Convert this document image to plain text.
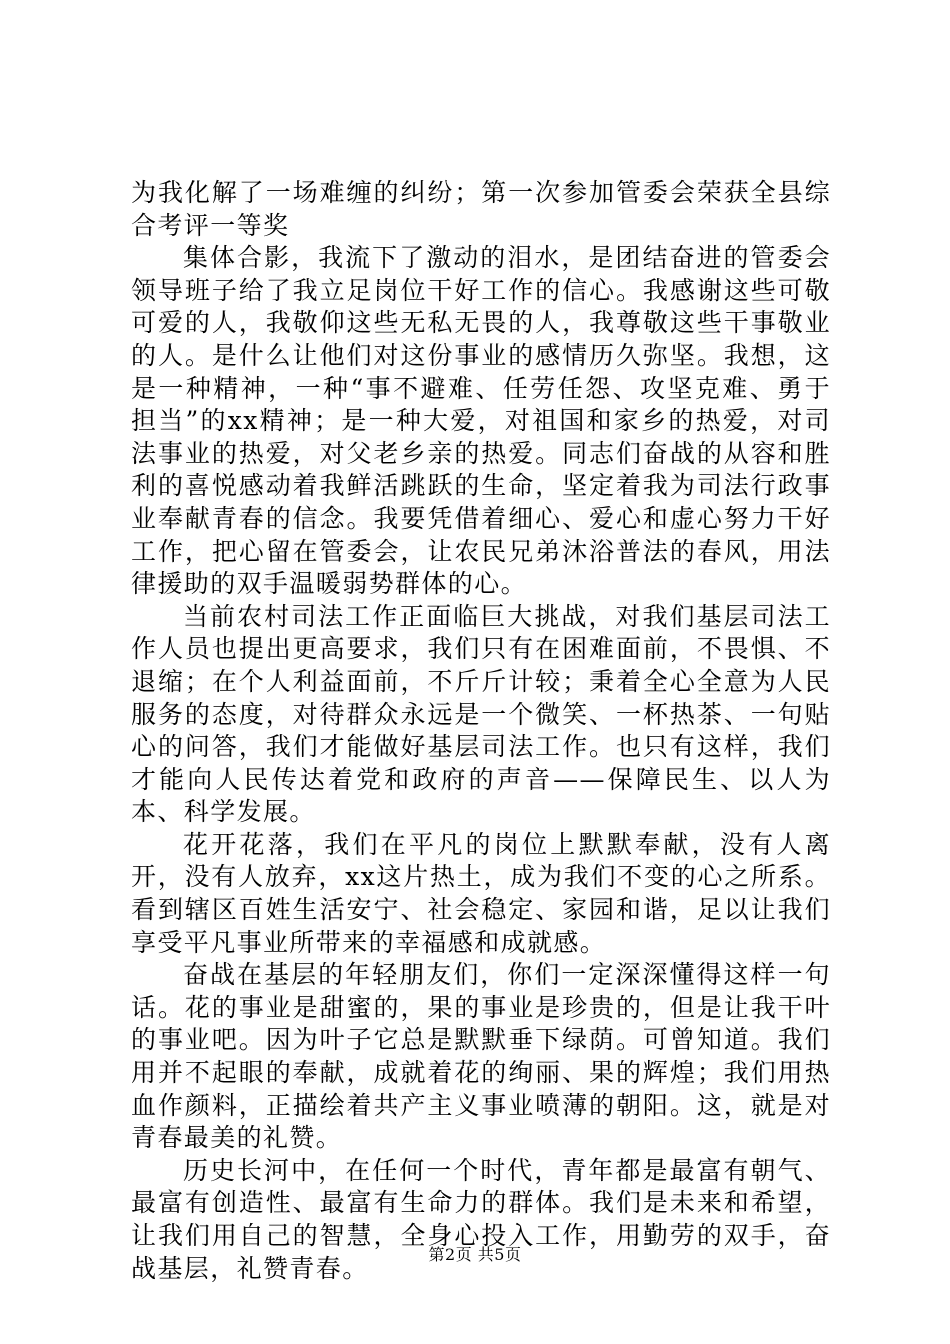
为我化解了一场难缠的纠纷；第一次参加管委会荣获全县综合考评一等奖

集体合影，我流下了激动的泪水，是团结奋进的管委会领导班子给了我立足岗位干好工作的信心。我感谢这些可敬可爱的人，我敬仰这些无私无畏的人，我尊敬这些干事敬业的人。是什么让他们对这份事业的感情历久弥坚。我想，这是一种精神，一种“事不避难、任劳任怨、攻坚克难、勇于担当”的xx精神；是一种大爱，对祖国和家乡的热爱，对司法事业的热爱，对父老乡亲的热爱。同志们奋战的从容和胜利的喜悦感动着我鲜活跳跃的生命，坚定着我为司法行政事业奉献青春的信念。我要凭借着细心、爱心和虚心努力干好工作，把心留在管委会，让农民兄弟沐浴普法的春风，用法律援助的双手温暖弱势群体的心。

当前农村司法工作正面临巨大挑战，对我们基层司法工作人员也提出更高要求，我们只有在困难面前，不畏惧、不退缩；在个人利益面前，不斤斤计较；秉着全心全意为人民服务的态度，对待群众永远是一个微笑、一杯热茶、一句贴心的问答，我们才能做好基层司法工作。也只有这样，我们才能向人民传达着党和政府的声音——保障民生、以人为本、科学发展。

花开花落，我们在平凡的岗位上默默奉献，没有人离开，没有人放弃，xx这片热土，成为我们不变的心之所系。看到辖区百姓生活安宁、社会稳定、家园和谐，足以让我们享受平凡事业所带来的幸福感和成就感。

奋战在基层的年轻朋友们，你们一定深深懂得这样一句话。花的事业是甜蜜的，果的事业是珍贵的，但是让我干叶的事业吧。因为叶子它总是默默垂下绿荫。可曾知道。我们用并不起眼的奉献，成就着花的绚丽、果的辉煌；我们用热血作颜料，正描绘着共产主义事业喷薄的朝阳。这，就是对青春最美的礼赞。

历史长河中，在任何一个时代，青年都是最富有朝气、最富有创造性、最富有生命力的群体。我们是未来和希望，让我们用自己的智慧，全身心投入工作，用勤劳的双手，奋战基层，礼赞青春。	第2页 共5页
